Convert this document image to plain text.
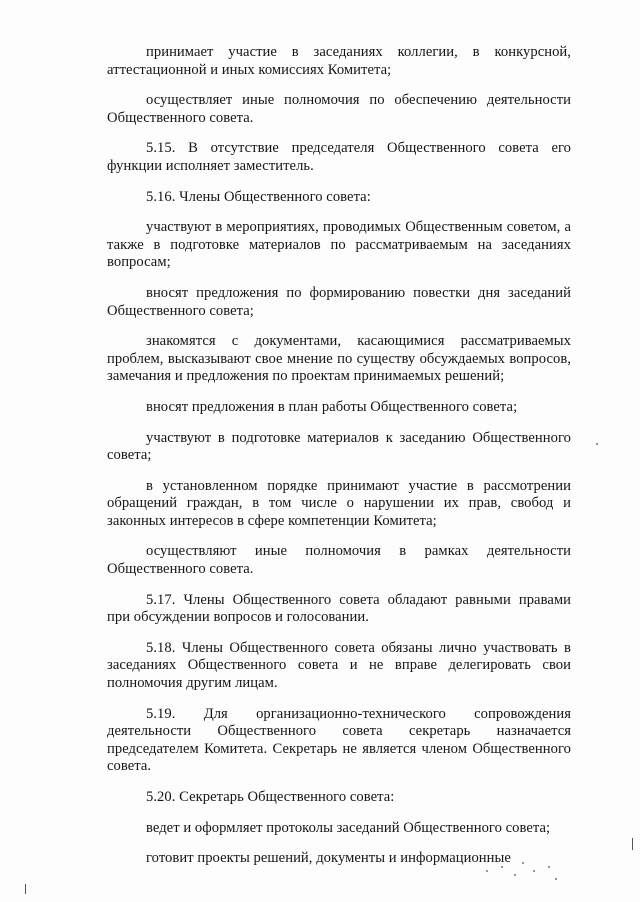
принимает участие в заседаниях коллегии, в конкурсной, аттестационной и иных комиссиях Комитета;

осуществляет иные полномочия по обеспечению деятельности Общественного совета.

5.15. В отсутствие председателя Общественного совета его функции исполняет заместитель.

5.16. Члены Общественного совета:

участвуют в мероприятиях, проводимых Общественным советом, а также в подготовке материалов по рассматриваемым на заседаниях вопросам;

вносят предложения по формированию повестки дня заседаний Общественного совета;

знакомятся с документами, касающимися рассматриваемых проблем, высказывают свое мнение по существу обсуждаемых вопросов, замечания и предложения по проектам принимаемых решений;

вносят предложения в план работы Общественного совета;

участвуют в подготовке материалов к заседанию Общественного совета;

в установленном порядке принимают участие в рассмотрении обращений граждан, в том числе о нарушении их прав, свобод и законных интересов в сфере компетенции Комитета;

осуществляют иные полномочия в рамках деятельности Общественного совета.

5.17. Члены Общественного совета обладают равными правами при обсуждении вопросов и голосовании.

5.18. Члены Общественного совета обязаны лично участвовать в заседаниях Общественного совета и не вправе делегировать свои полномочия другим лицам.

5.19. Для организационно-технического сопровождения деятельности Общественного совета секретарь назначается председателем Комитета. Секретарь не является членом Общественного совета.

5.20. Секретарь Общественного совета:

ведет и оформляет протоколы заседаний Общественного совета;

готовит проекты решений, документы и информационные
